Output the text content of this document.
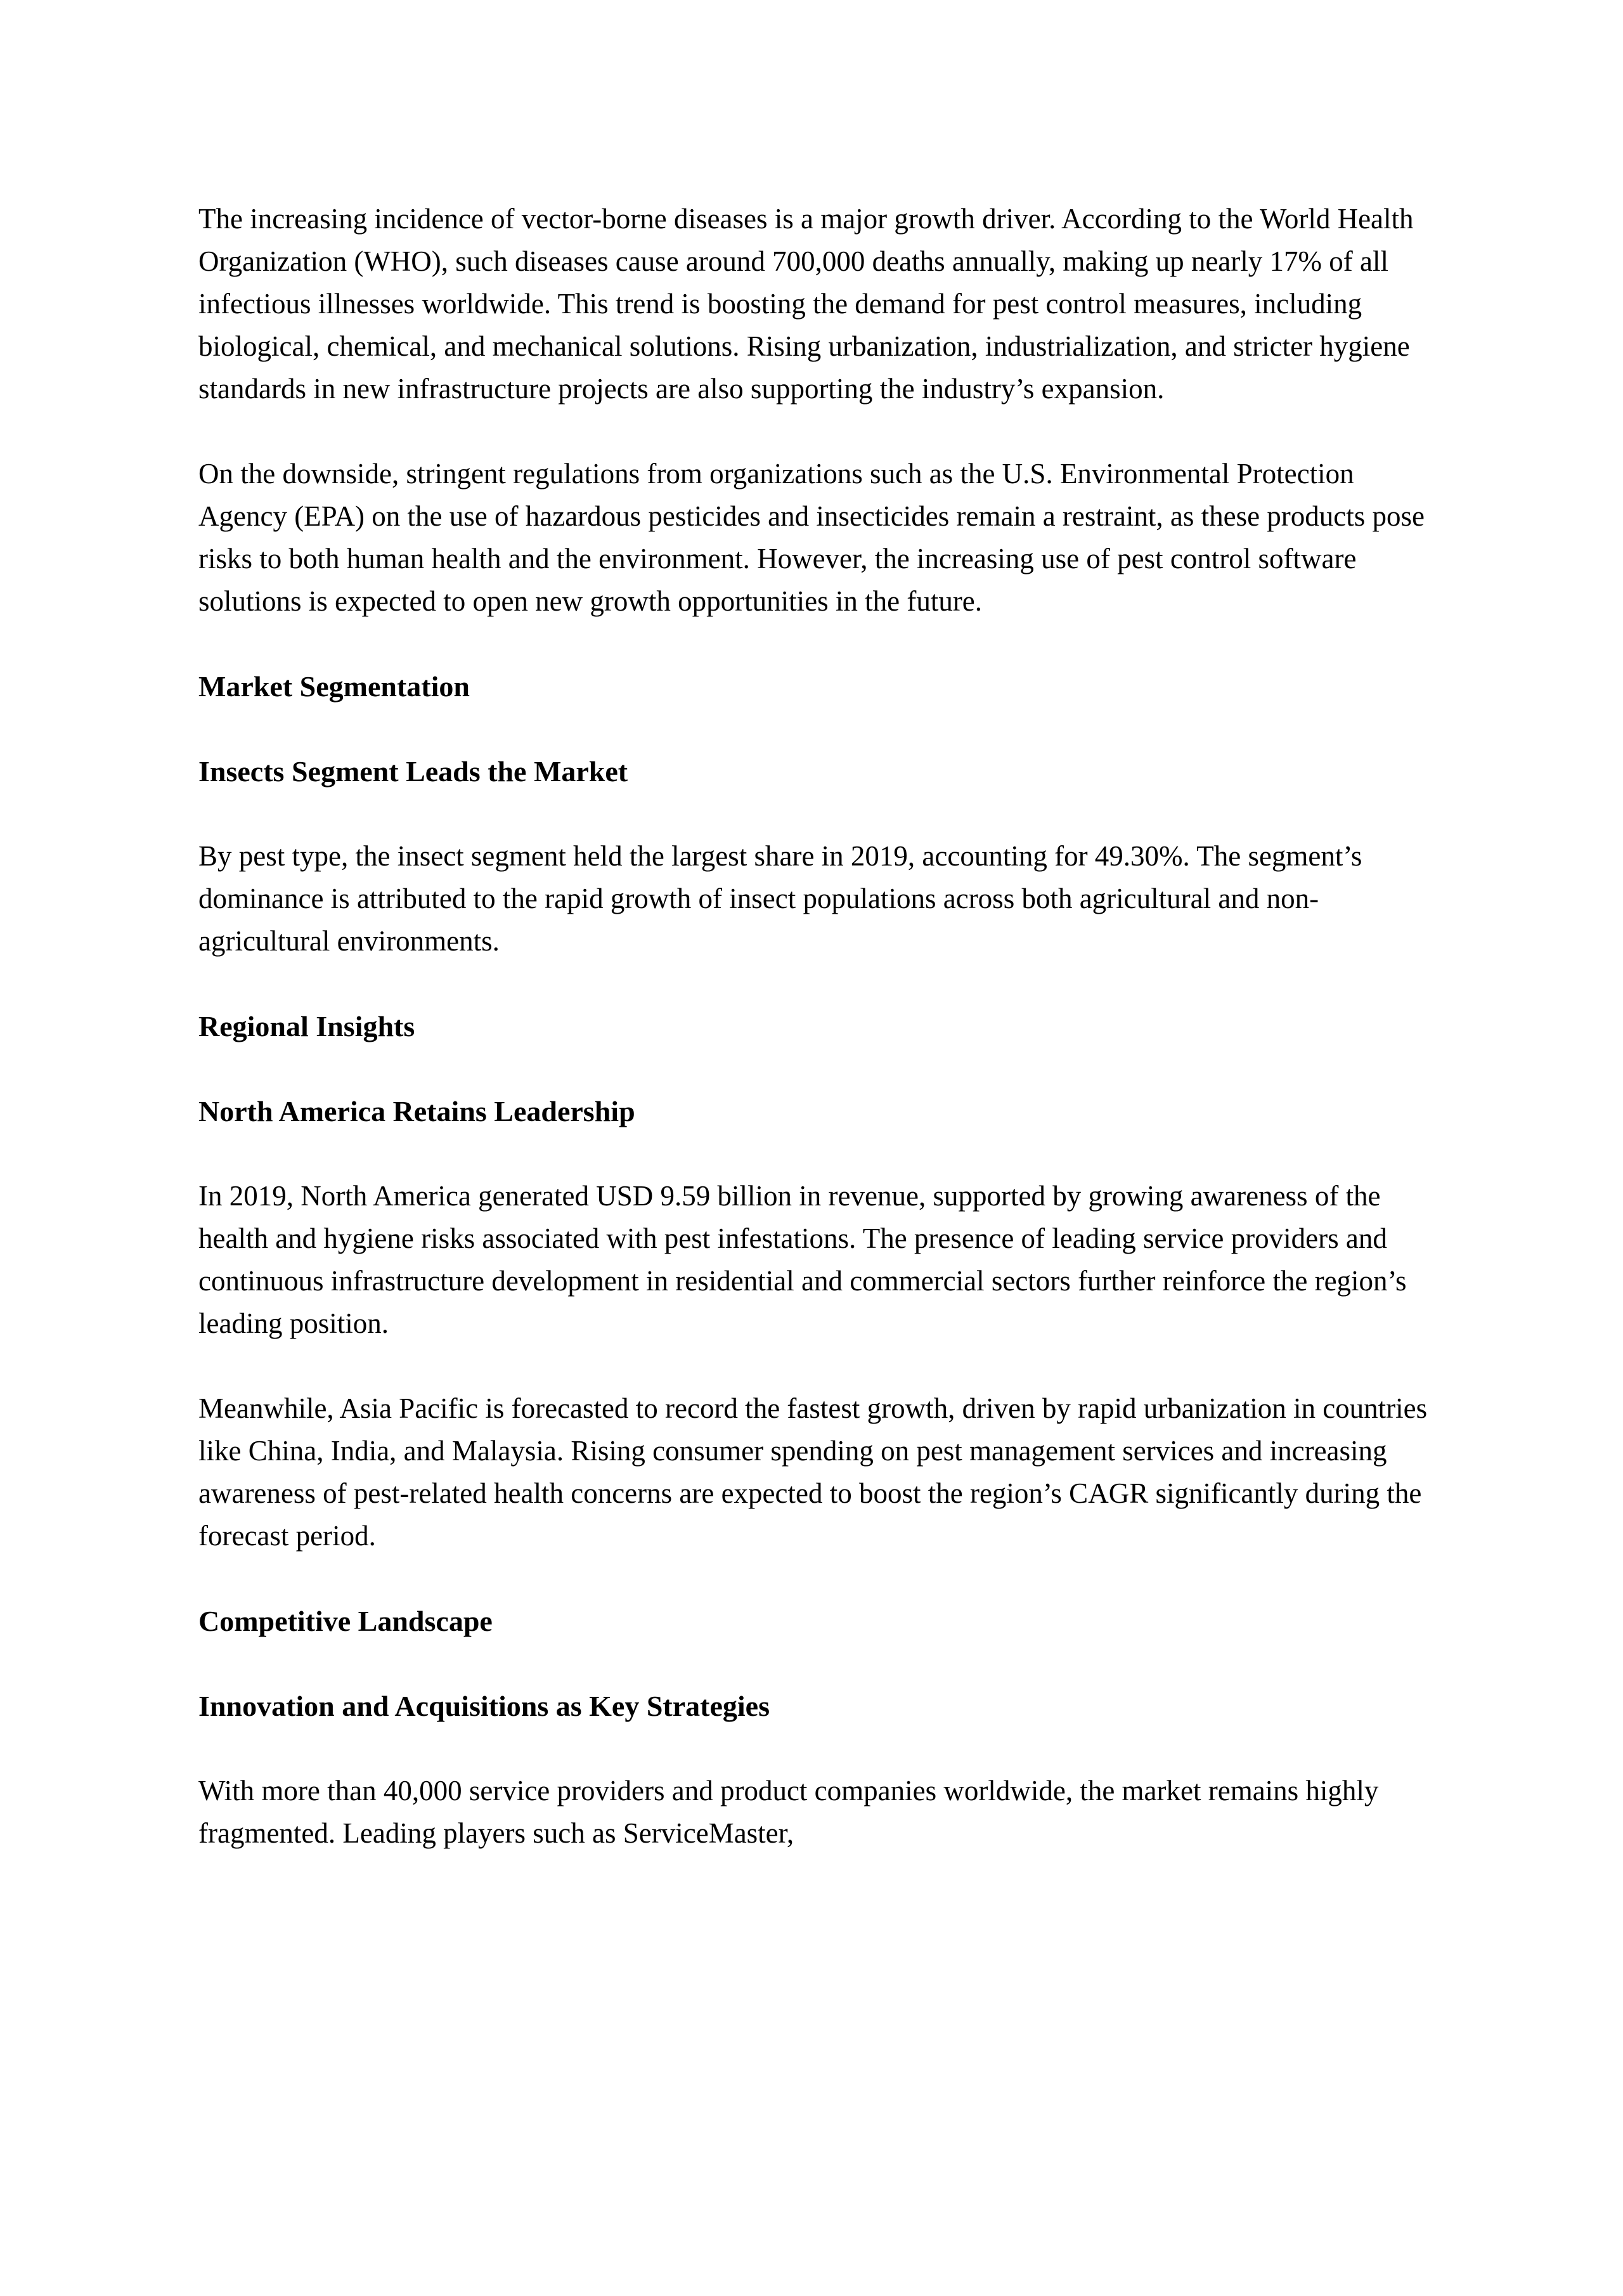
The increasing incidence of vector-borne diseases is a major growth driver. According to the World Health Organization (WHO), such diseases cause around 700,000 deaths annually, making up nearly 17% of all infectious illnesses worldwide. This trend is boosting the demand for pest control measures, including biological, chemical, and mechanical solutions. Rising urbanization, industrialization, and stricter hygiene standards in new infrastructure projects are also supporting the industry’s expansion.

On the downside, stringent regulations from organizations such as the U.S. Environmental Protection Agency (EPA) on the use of hazardous pesticides and insecticides remain a restraint, as these products pose risks to both human health and the environment. However, the increasing use of pest control software solutions is expected to open new growth opportunities in the future.

Market Segmentation
Insects Segment Leads the Market

By pest type, the insect segment held the largest share in 2019, accounting for 49.30%. The segment’s dominance is attributed to the rapid growth of insect populations across both agricultural and non-agricultural environments.

Regional Insights
North America Retains Leadership

In 2019, North America generated USD 9.59 billion in revenue, supported by growing awareness of the health and hygiene risks associated with pest infestations. The presence of leading service providers and continuous infrastructure development in residential and commercial sectors further reinforce the region’s leading position.

Meanwhile, Asia Pacific is forecasted to record the fastest growth, driven by rapid urbanization in countries like China, India, and Malaysia. Rising consumer spending on pest management services and increasing awareness of pest-related health concerns are expected to boost the region’s CAGR significantly during the forecast period.

Competitive Landscape
Innovation and Acquisitions as Key Strategies

With more than 40,000 service providers and product companies worldwide, the market remains highly fragmented. Leading players such as ServiceMaster,
